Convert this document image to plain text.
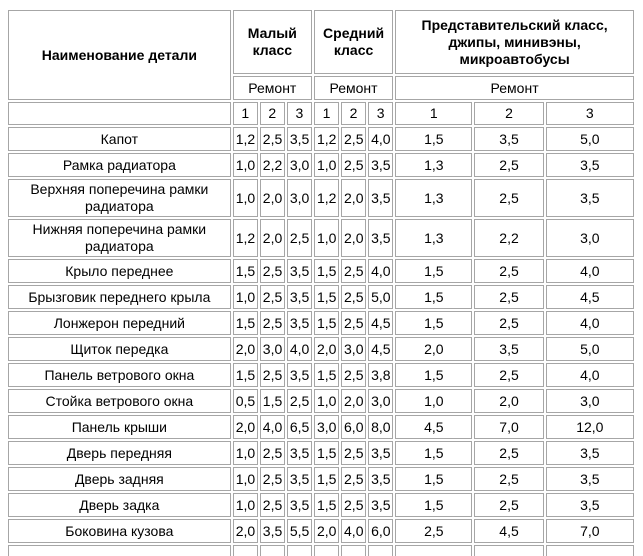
Наименование детали	Малый класс			Средний класс			Представительский класс, джипы, минивэны, микроавтобусы		
	Ремонт			Ремонт			Ремонт		
	1	2	3	1	2	3	1	2	3
Капот	1,2	2,5	3,5	1,2	2,5	4,0	1,5	3,5	5,0
Рамка радиатора	1,0	2,2	3,0	1,0	2,5	3,5	1,3	2,5	3,5
Верхняя поперечина рамки радиатора	1,0	2,0	3,0	1,2	2,0	3,5	1,3	2,5	3,5
Нижняя поперечина рамки радиатора	1,2	2,0	2,5	1,0	2,0	3,5	1,3	2,2	3,0
Крыло переднее	1,5	2,5	3,5	1,5	2,5	4,0	1,5	2,5	4,0
Брызговик переднего крыла	1,0	2,5	3,5	1,5	2,5	5,0	1,5	2,5	4,5
Лонжерон передний	1,5	2,5	3,5	1,5	2,5	4,5	1,5	2,5	4,0
Щиток передка	2,0	3,0	4,0	2,0	3,0	4,5	2,0	3,5	5,0
Панель ветрового окна	1,5	2,5	3,5	1,5	2,5	3,8	1,5	2,5	4,0
Стойка ветрового окна	0,5	1,5	2,5	1,0	2,0	3,0	1,0	2,0	3,0
Панель крыши	2,0	4,0	6,5	3,0	6,0	8,0	4,5	7,0	12,0
Дверь передняя	1,0	2,5	3,5	1,5	2,5	3,5	1,5	2,5	3,5
Дверь задняя	1,0	2,5	3,5	1,5	2,5	3,5	1,5	2,5	3,5
Дверь задка	1,0	2,5	3,5	1,5	2,5	3,5	1,5	2,5	3,5
Боковина кузова	2,0	3,5	5,5	2,0	4,0	6,0	2,5	4,5	7,0
